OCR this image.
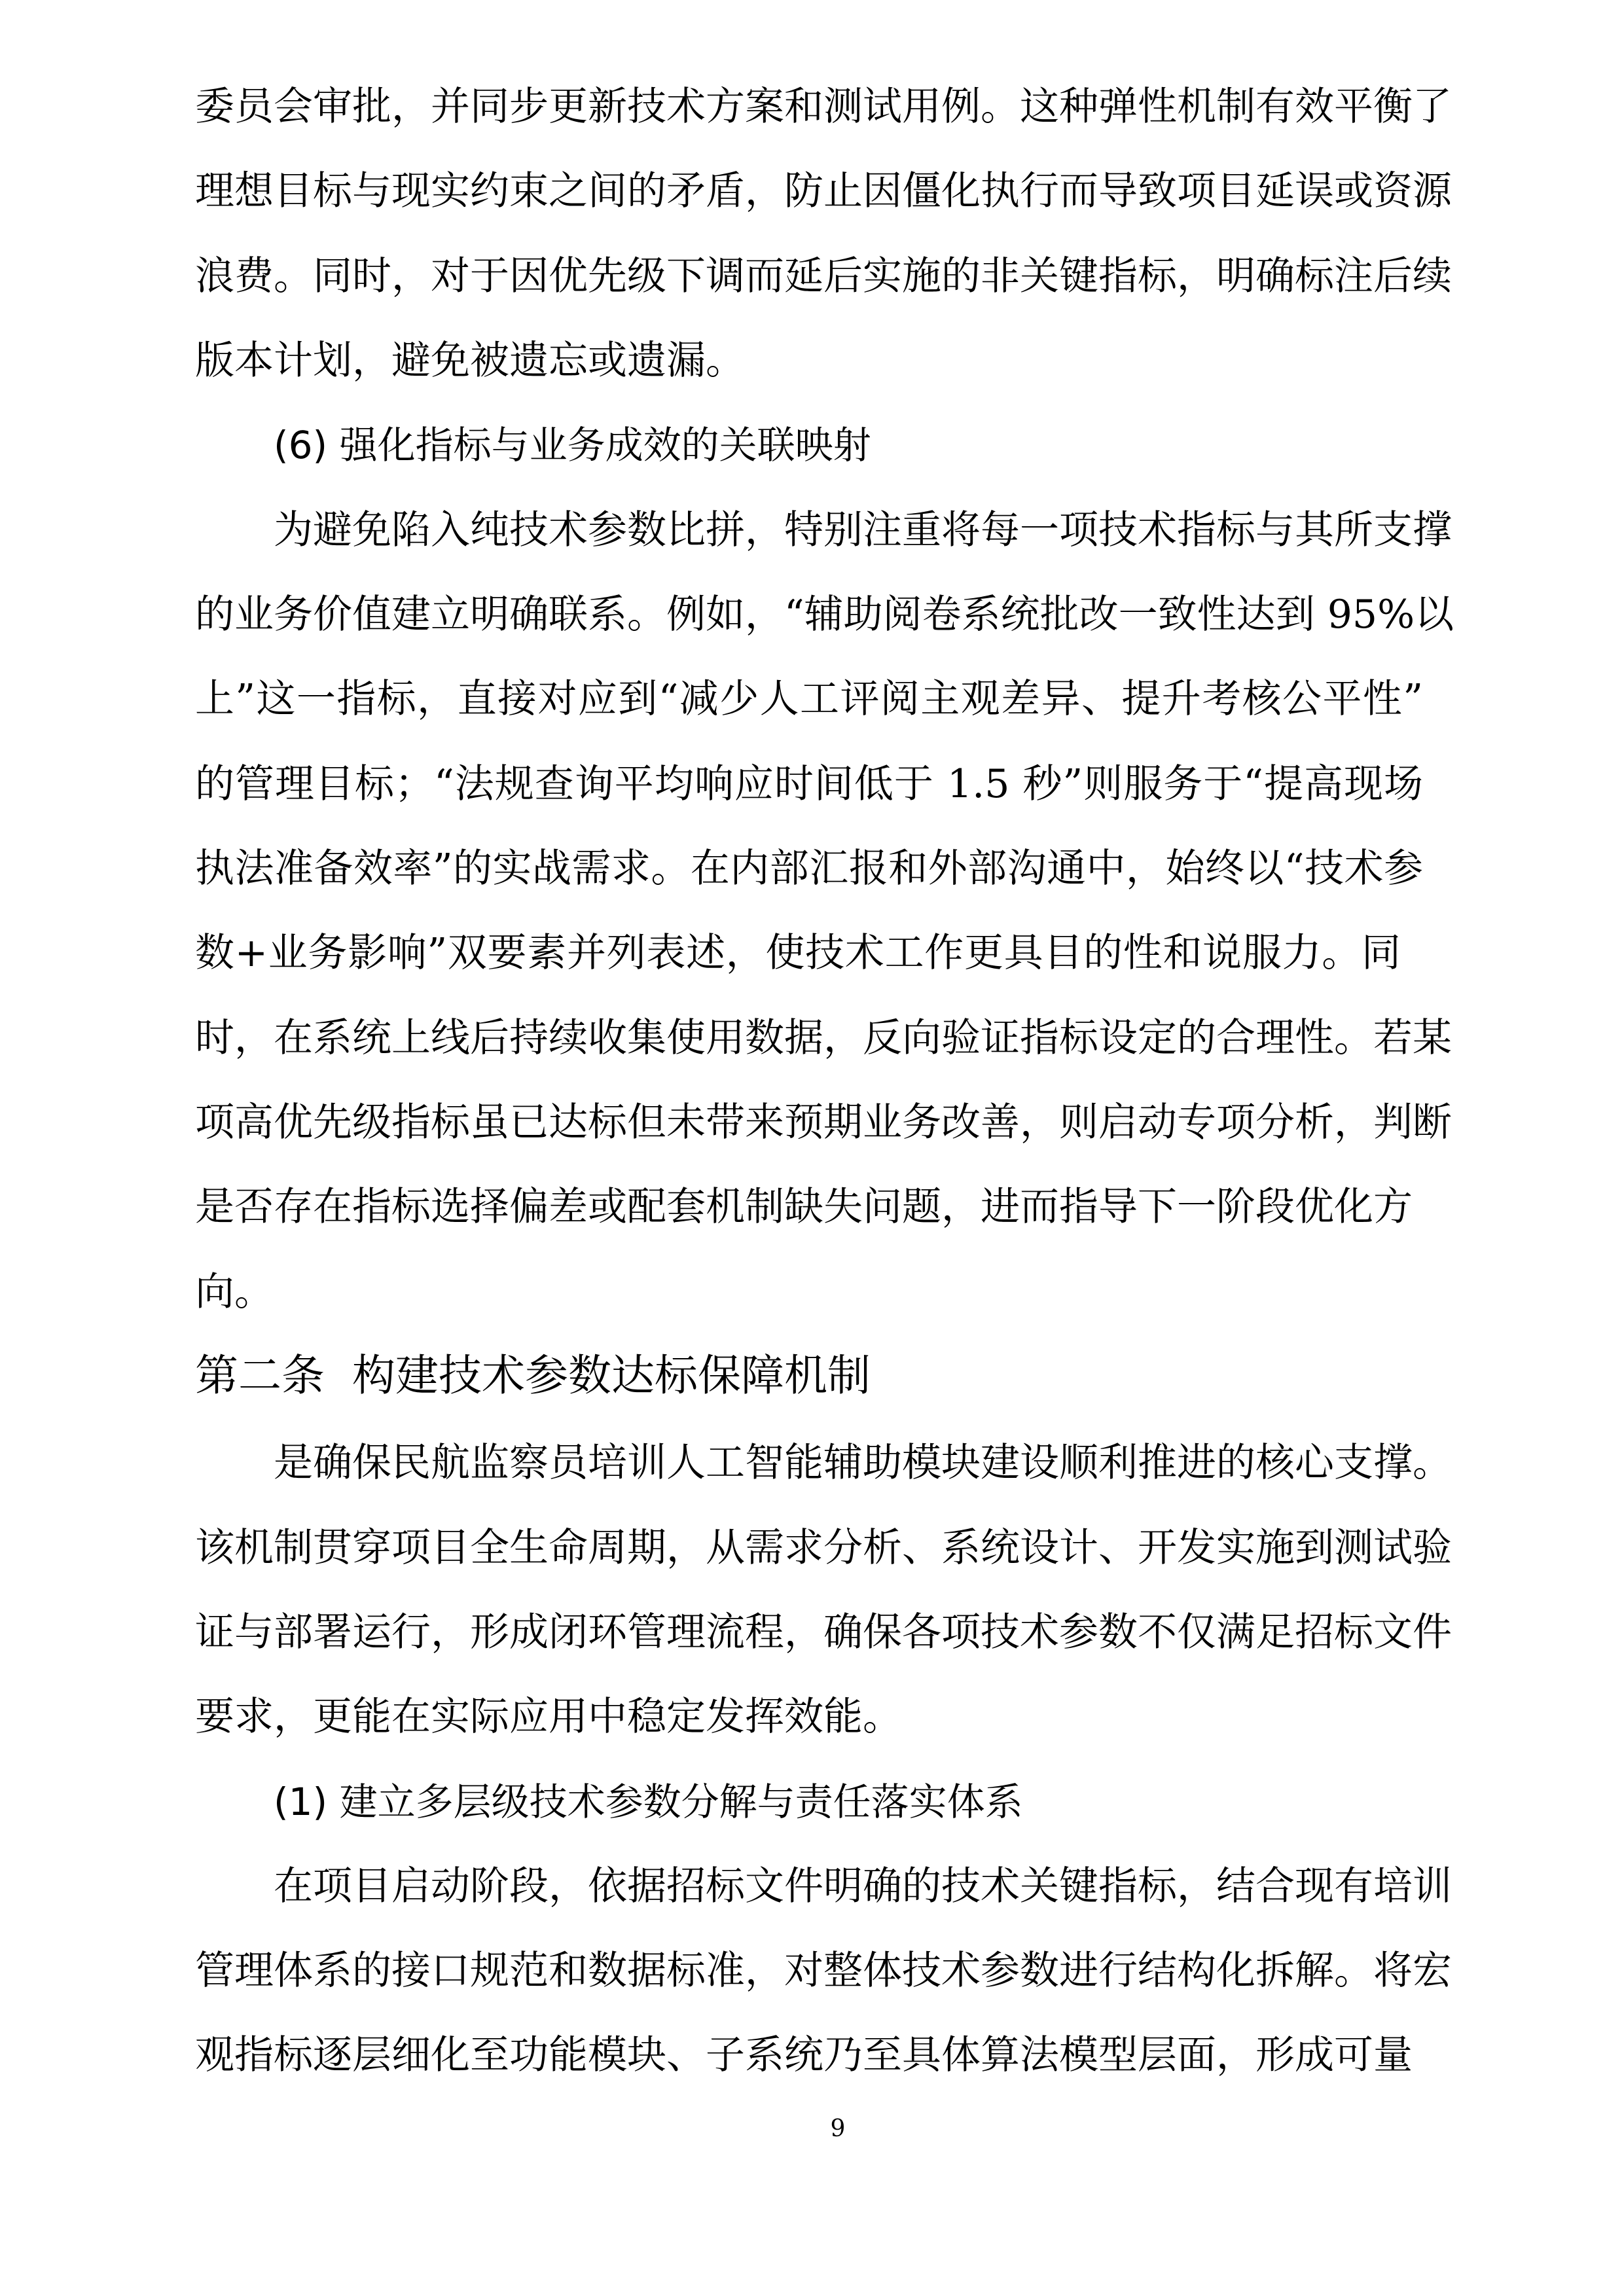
委员会审批，并同步更新技术方案和测试用例。这种弹性机制有效平衡了
理想目标与现实约束之间的矛盾，防止因僵化执行而导致项目延误或资源
浪费。同时，对于因优先级下调而延后实施的非关键指标，明确标注后续
版本计划，避免被遗忘或遗漏。
(6) 强化指标与业务成效的关联映射
为避免陷入纯技术参数比拼，特别注重将每一项技术指标与其所支撑
的业务价值建立明确联系。例如，“辅助阅卷系统批改一致性达到 95%以
上”这一指标，直接对应到“减少人工评阅主观差异、提升考核公平性”
的管理目标；“法规查询平均响应时间低于 1.5 秒”则服务于“提高现场
执法准备效率”的实战需求。在内部汇报和外部沟通中，始终以“技术参
数+业务影响”双要素并列表述，使技术工作更具目的性和说服力。同
时，在系统上线后持续收集使用数据，反向验证指标设定的合理性。若某
项高优先级指标虽已达标但未带来预期业务改善，则启动专项分析，判断
是否存在指标选择偏差或配套机制缺失问题，进而指导下一阶段优化方
向。
第二条  构建技术参数达标保障机制
是确保民航监察员培训人工智能辅助模块建设顺利推进的核心支撑。
该机制贯穿项目全生命周期，从需求分析、系统设计、开发实施到测试验
证与部署运行，形成闭环管理流程，确保各项技术参数不仅满足招标文件
要求，更能在实际应用中稳定发挥效能。
(1) 建立多层级技术参数分解与责任落实体系
在项目启动阶段，依据招标文件明确的技术关键指标，结合现有培训
管理体系的接口规范和数据标准，对整体技术参数进行结构化拆解。将宏
观指标逐层细化至功能模块、子系统乃至具体算法模型层面，形成可量
9
